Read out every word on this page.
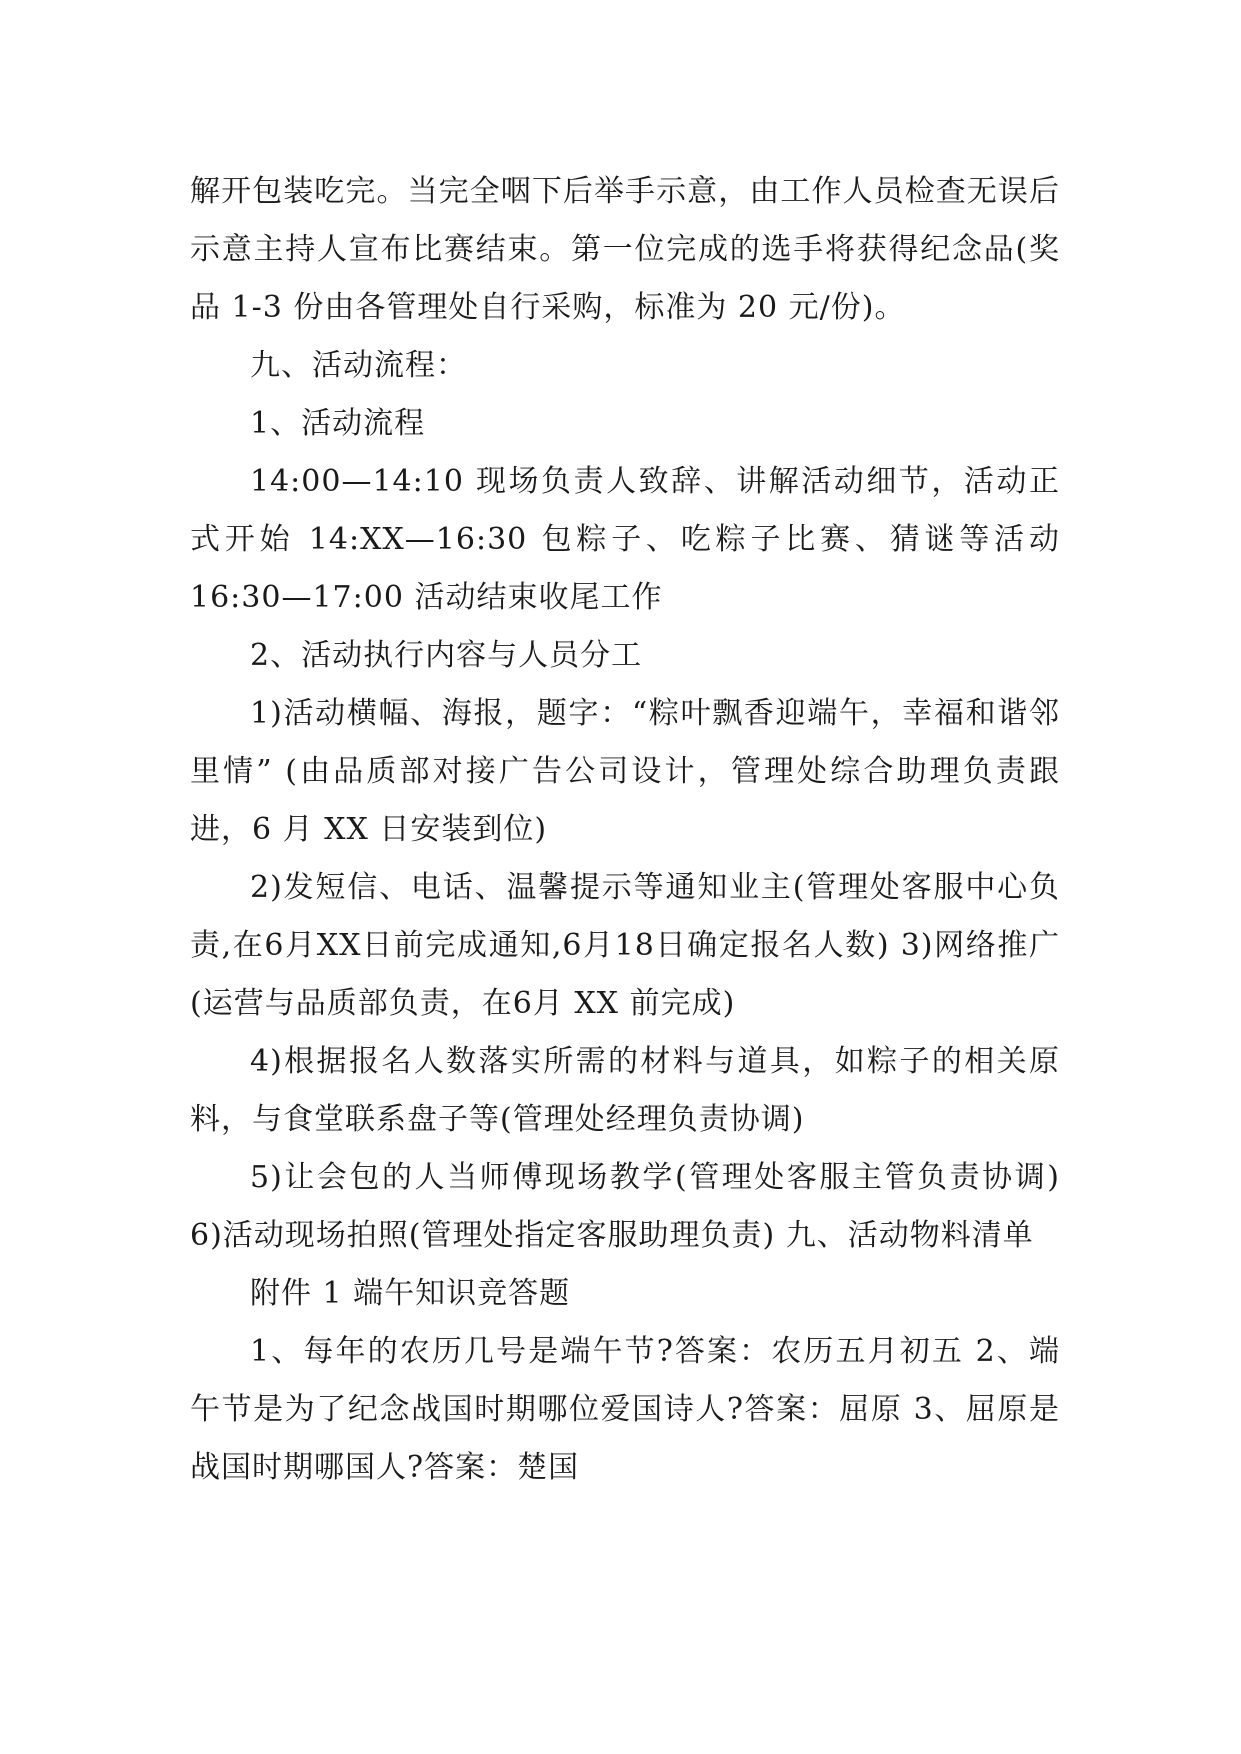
解开包装吃完。当完全咽下后举手示意，由工作人员检查无误后示意主持人宣布比赛结束。第一位完成的选手将获得纪念品(奖品 1-3 份由各管理处自行采购，标准为 20 元/份)。

九、活动流程：

1、活动流程

14:00—14:10 现场负责人致辞、讲解活动细节，活动正式开始 14:XX—16:30 包粽子、吃粽子比赛、猜谜等活动 16:30—17:00 活动结束收尾工作

2、活动执行内容与人员分工

1)活动横幅、海报，题字：“粽叶飘香迎端午，幸福和谐邻里情” (由品质部对接广告公司设计，管理处综合助理负责跟进，6 月 XX 日安装到位)

2)发短信、电话、温馨提示等通知业主(管理处客服中心负责,在6月XX日前完成通知,6月18日确定报名人数) 3)网络推广(运营与品质部负责，在6月 XX 前完成)

4)根据报名人数落实所需的材料与道具，如粽子的相关原料，与食堂联系盘子等(管理处经理负责协调)

5)让会包的人当师傅现场教学(管理处客服主管负责协调) 6)活动现场拍照(管理处指定客服助理负责) 九、活动物料清单

附件 1 端午知识竞答题

1、每年的农历几号是端午节?答案：农历五月初五 2、端午节是为了纪念战国时期哪位爱国诗人?答案：屈原 3、屈原是战国时期哪国人?答案：楚国
